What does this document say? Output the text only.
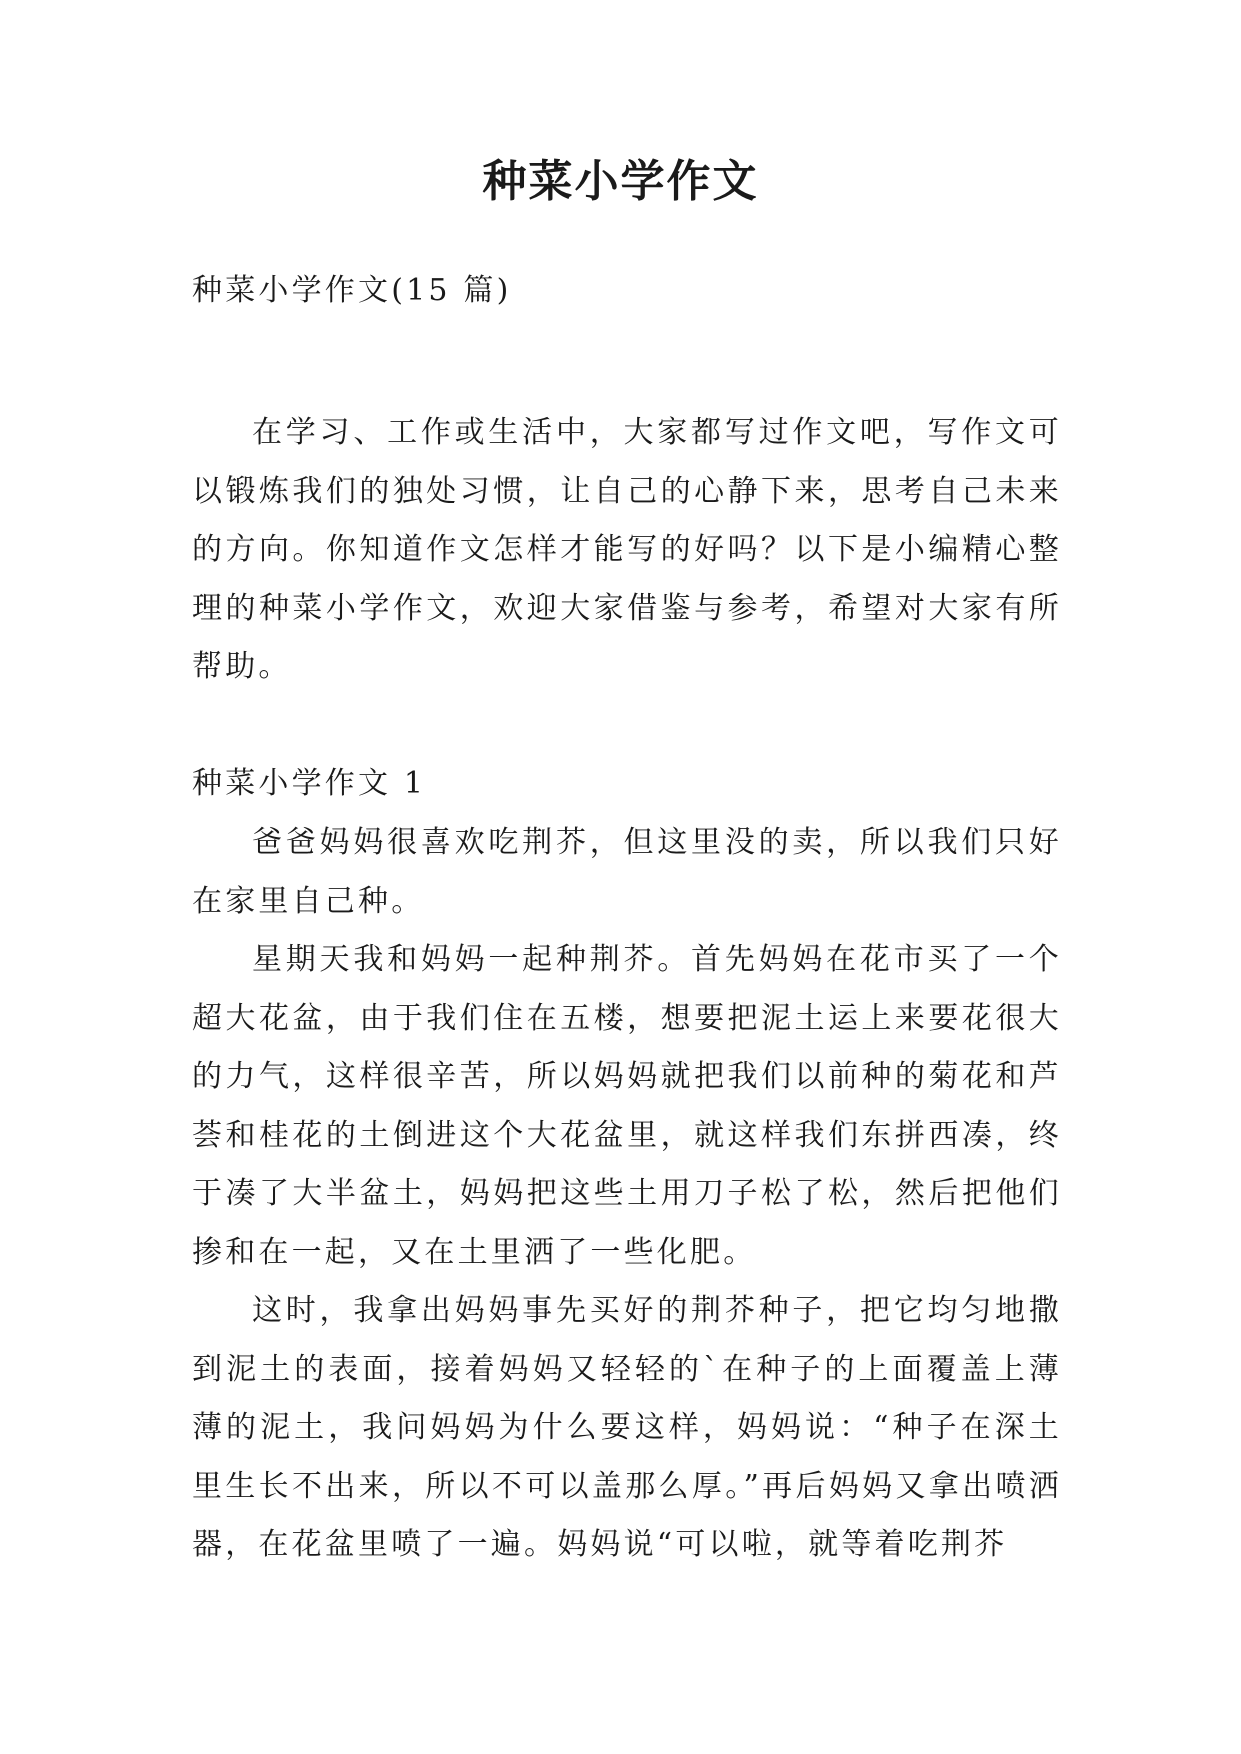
种菜小学作文

种菜小学作文(15 篇)

在学习、工作或生活中，大家都写过作文吧，写作文可以锻炼我们的独处习惯，让自己的心静下来，思考自己未来的方向。你知道作文怎样才能写的好吗？以下是小编精心整理的种菜小学作文，欢迎大家借鉴与参考，希望对大家有所帮助。

种菜小学作文 1

爸爸妈妈很喜欢吃荆芥，但这里没的卖，所以我们只好在家里自己种。

星期天我和妈妈一起种荆芥。首先妈妈在花市买了一个超大花盆，由于我们住在五楼，想要把泥土运上来要花很大的力气，这样很辛苦，所以妈妈就把我们以前种的菊花和芦荟和桂花的土倒进这个大花盆里，就这样我们东拼西凑，终于凑了大半盆土，妈妈把这些土用刀子松了松，然后把他们掺和在一起，又在土里洒了一些化肥。

这时，我拿出妈妈事先买好的荆芥种子，把它均匀地撒到泥土的表面，接着妈妈又轻轻的`在种子的上面覆盖上薄薄的泥土，我问妈妈为什么要这样，妈妈说：“种子在深土里生长不出来，所以不可以盖那么厚。”再后妈妈又拿出喷洒器，在花盆里喷了一遍。妈妈说“可以啦，就等着吃荆芥
